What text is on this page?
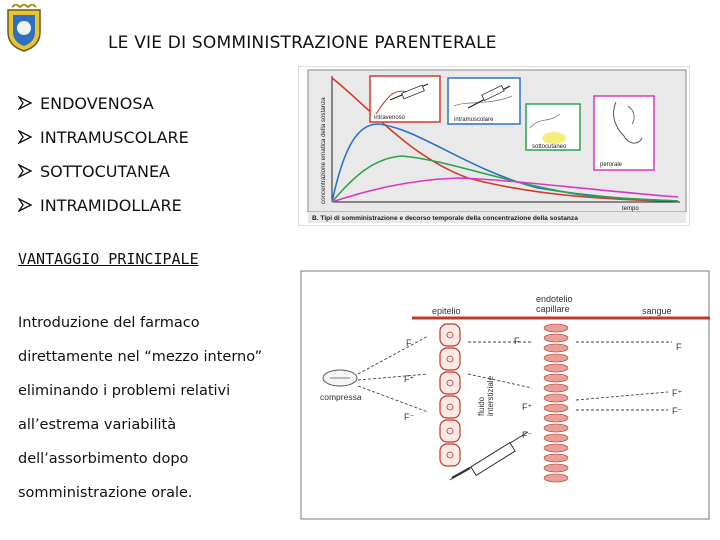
LE VIE DI SOMMINISTRAZIONE PARENTERALE
ENDOVENOSA
INTRAMUSCOLARE
SOTTOCUTANEA
INTRAMIDOLLARE
VANTAGGIO PRINCIPALE
Introduzione del farmaco
direttamente nel “mezzo interno”
eliminando i problemi relativi
all’estrema variabilità
dell’assorbimento dopo
somministrazione orale.
concentrazione ematica della sostanza	intravenoso	intramuscolare
sottocutaneo
perorale
tempo
B. Tipi di somministrazione e decorso temporale della concentrazione della sostanza
epitelio
endotelio capillare	sangue
fluidointerstiziale
compressa
F
F⁺
F⁻
F
F⁺
F⁻
F
F⁺
F⁻
